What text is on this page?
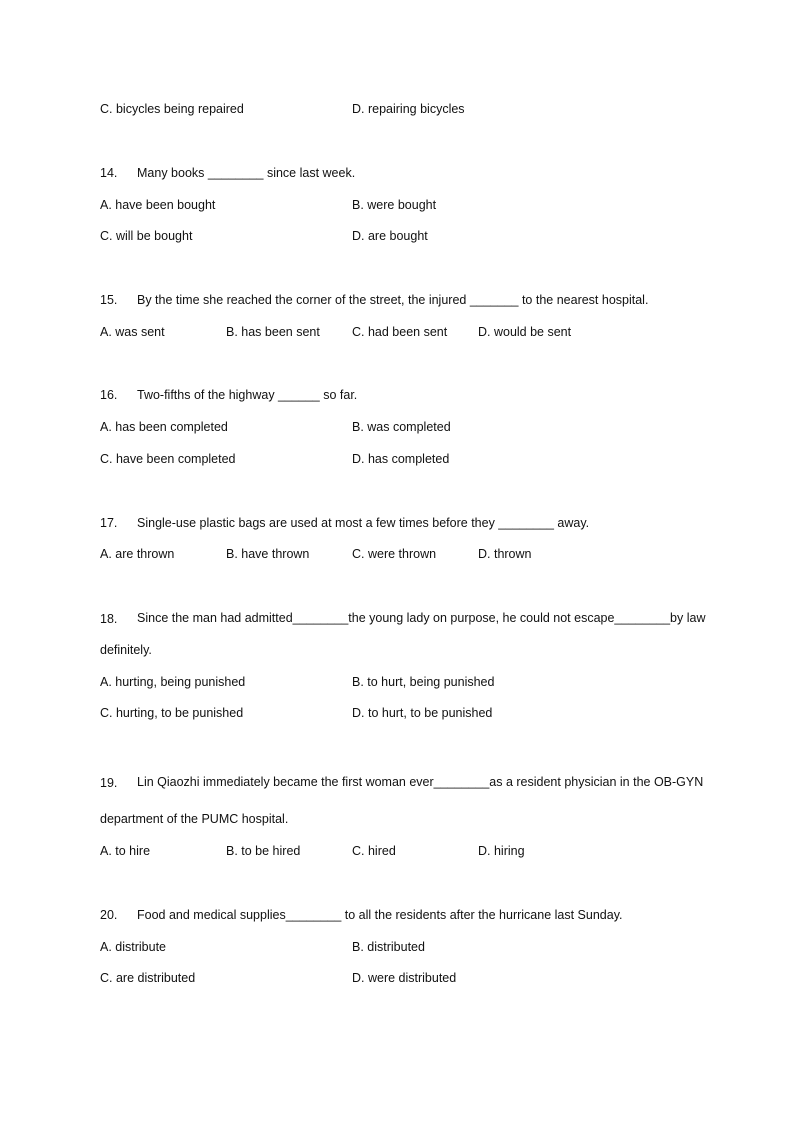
C. bicycles being repaired	D. repairing bicycles
14. Many books ________ since last week.
A. have been bought	B. were bought
C. will be bought	D. are bought
15. By the time she reached the corner of the street, the injured _______ to the nearest hospital.
A. was sent	B. has been sent	C. had been sent D. would be sent
16. Two-fifths of the highway ______ so far.
A. has been completed	B. was completed
C. have been completed	D. has completed
17. Single-use plastic bags are used at most a few times before they ________ away.
A. are thrown	B. have thrown	C. were thrown	D. thrown
18. Since the man had admitted________the young lady on purpose, he could not escape________by law
definitely.
A. hurting, being punished	B. to hurt, being punished
C. hurting, to be punished	D. to hurt, to be punished
19. Lin Qiaozhi immediately became the first woman ever________as a resident physician in the OB-GYN
department of the PUMC hospital.
A. to hire	B. to be hired	C. hired	D. hiring
20. Food and medical supplies________ to all the residents after the hurricane last Sunday.
A. distribute	B. distributed
C. are distributed	D. were distributed
